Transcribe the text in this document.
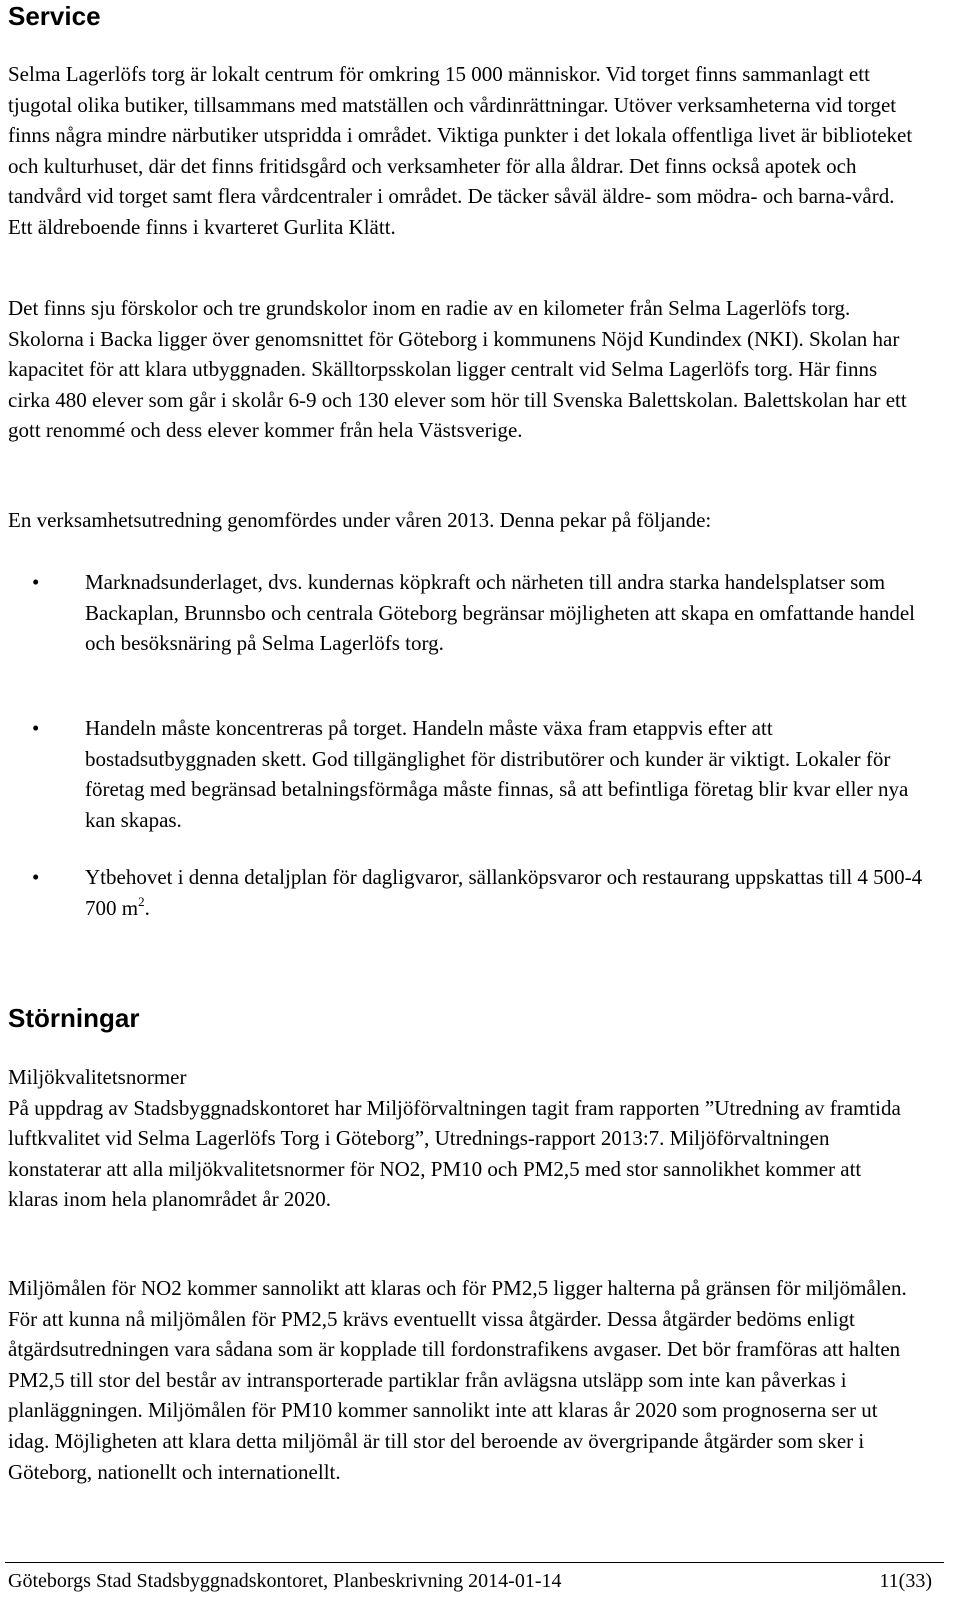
Service
Selma Lagerlöfs torg är lokalt centrum för omkring 15 000 människor. Vid torget finns sammanlagt ett tjugotal olika butiker, tillsammans med matställen och vårdinrättningar. Utöver verksamheterna vid torget finns några mindre närbutiker utspridda i området. Viktiga punkter i det lokala offentliga livet är biblioteket och kulturhuset, där det finns fritidsgård och verksamheter för alla åldrar. Det finns också apotek och tandvård vid torget samt flera vårdcentraler i området. De täcker såväl äldre- som mödra- och barna-vård. Ett äldreboende finns i kvarteret Gurlita Klätt.
Det finns sju förskolor och tre grundskolor inom en radie av en kilometer från Selma Lagerlöfs torg. Skolorna i Backa ligger över genomsnittet för Göteborg i kommunens Nöjd Kundindex (NKI). Skolan har kapacitet för att klara utbyggnaden. Skälltorpsskolan ligger centralt vid Selma Lagerlöfs torg. Här finns cirka 480 elever som går i skolår 6-9 och 130 elever som hör till Svenska Balettskolan. Balettskolan har ett gott renommé och dess elever kommer från hela Västsverige.
En verksamhetsutredning genomfördes under våren 2013. Denna pekar på följande:
• Marknadsunderlaget, dvs. kundernas köpkraft och närheten till andra starka handelsplatser som Backaplan, Brunnsbo och centrala Göteborg begränsar möjligheten att skapa en omfattande handel och besöksnäring på Selma Lagerlöfs torg.
• Handeln måste koncentreras på torget. Handeln måste växa fram etappvis efter att bostadsutbyggnaden skett. God tillgänglighet för distributörer och kunder är viktigt. Lokaler för företag med begränsad betalningsförmåga måste finnas, så att befintliga företag blir kvar eller nya kan skapas.
• Ytbehovet i denna detaljplan för dagligvaror, sällanköpsvaror och restaurang uppskattas till 4 500-4 700 $m^2$.
Störningar
Miljökvalitetsnormer
På uppdrag av Stadsbyggnadskontoret har Miljöförvaltningen tagit fram rapporten ”Utredning av framtida luftkvalitet vid Selma Lagerlöfs Torg i Göteborg”, Utrednings-rapport 2013:7. Miljöförvaltningen konstaterar att alla miljökvalitetsnormer för NO2, PM10 och PM2,5 med stor sannolikhet kommer att klaras inom hela planområdet år 2020.
Miljömålen för NO2 kommer sannolikt att klaras och för PM2,5 ligger halterna på gränsen för miljömålen. För att kunna nå miljömålen för PM2,5 krävs eventuellt vissa åtgärder. Dessa åtgärder bedöms enligt åtgärdsutredningen vara sådana som är kopplade till fordonstrafikens avgaser. Det bör framföras att halten PM2,5 till stor del består av intransporterade partiklar från avlägsna utsläpp som inte kan påverkas i planläggningen. Miljömålen för PM10 kommer sannolikt inte att klaras år 2020 som prognoserna ser ut idag. Möjligheten att klara detta miljömål är till stor del beroende av övergripande åtgärder som sker i Göteborg, nationellt och internationellt.
Göteborgs Stad Stadsbyggnadskontoret, Planbeskrivning 2014-01-14	11(33)
